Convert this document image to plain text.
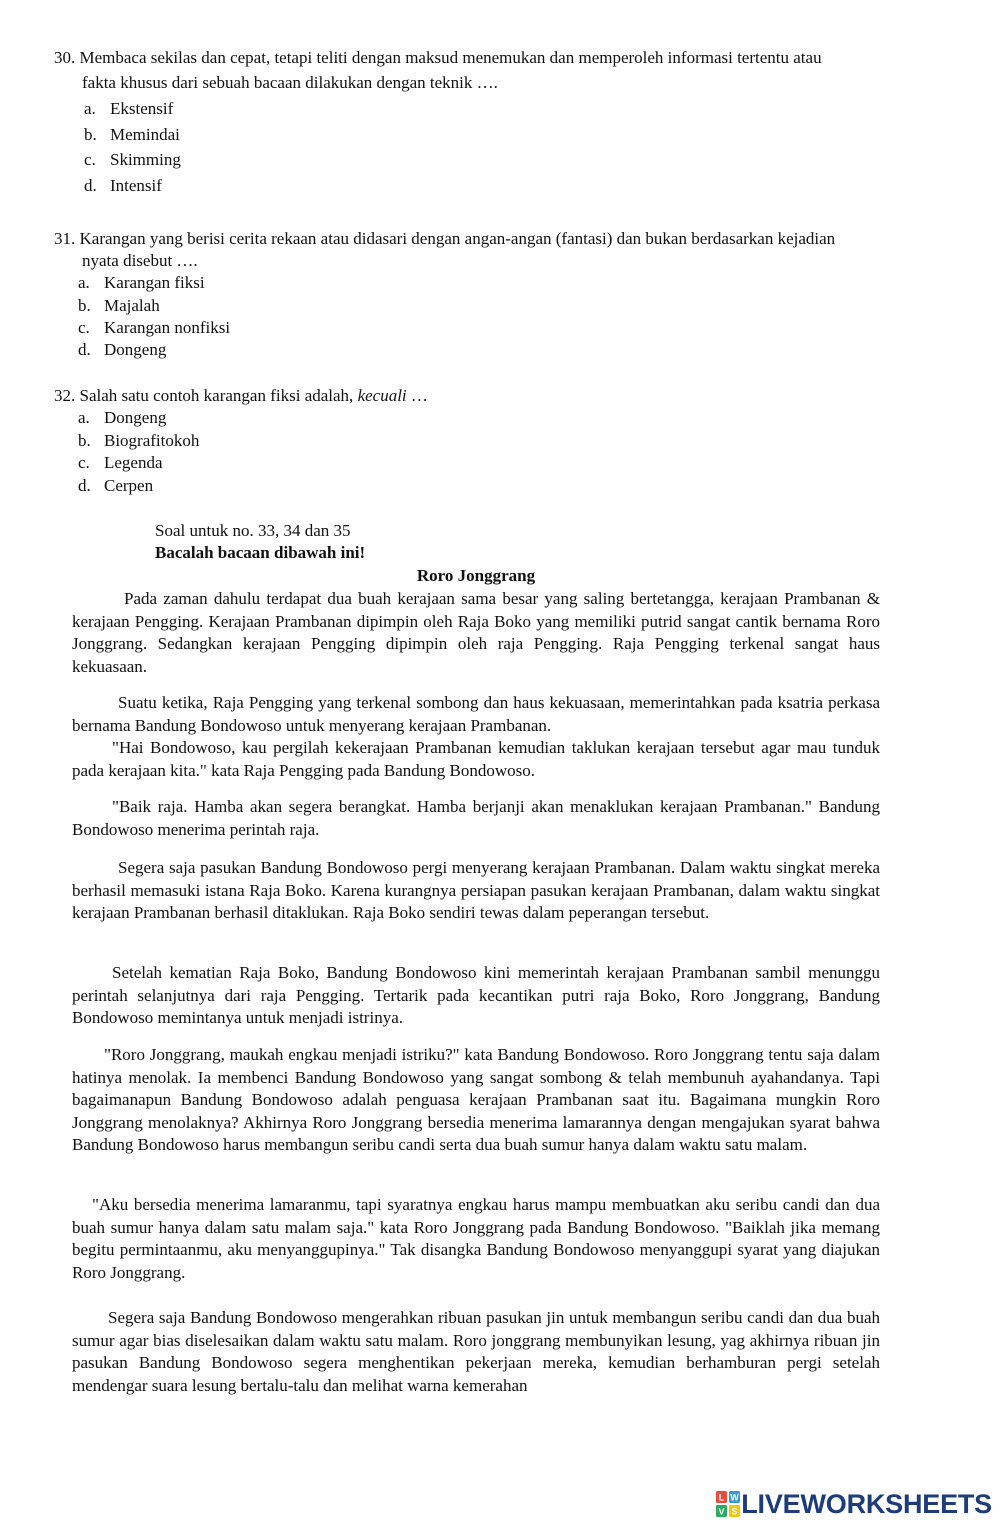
30. Membaca sekilas dan cepat, tetapi teliti dengan maksud menemukan dan memperoleh informasi tertentu atau
fakta khusus dari sebuah bacaan dilakukan dengan teknik ….
a. Ekstensif
b. Memindai
c. Skimming
d. Intensif
31. Karangan yang berisi cerita rekaan atau didasari dengan angan-angan (fantasi) dan bukan berdasarkan kejadian
nyata disebut ….
a. Karangan fiksi
b. Majalah
c. Karangan nonfiksi
d. Dongeng
32. Salah satu contoh karangan fiksi adalah, kecuali …
a. Dongeng
b. Biografitokoh
c. Legenda
d. Cerpen
Soal untuk no. 33, 34 dan 35
Bacalah bacaan dibawah ini!
Roro Jonggrang
Pada zaman dahulu terdapat dua buah kerajaan sama besar yang saling bertetangga, kerajaan Prambanan & kerajaan Pengging. Kerajaan Prambanan dipimpin oleh Raja Boko yang memiliki putrid sangat cantik bernama Roro Jonggrang. Sedangkan kerajaan Pengging dipimpin oleh raja Pengging. Raja Pengging terkenal sangat haus kekuasaan.
Suatu ketika, Raja Pengging yang terkenal sombong dan haus kekuasaan, memerintahkan pada ksatria perkasa bernama Bandung Bondowoso untuk menyerang kerajaan Prambanan.
"Hai Bondowoso, kau pergilah kekerajaan Prambanan kemudian taklukan kerajaan tersebut agar mau tunduk pada kerajaan kita." kata Raja Pengging pada Bandung Bondowoso.
"Baik raja. Hamba akan segera berangkat. Hamba berjanji akan menaklukan kerajaan Prambanan." Bandung Bondowoso menerima perintah raja.
Segera saja pasukan Bandung Bondowoso pergi menyerang kerajaan Prambanan. Dalam waktu singkat mereka berhasil memasuki istana Raja Boko. Karena kurangnya persiapan pasukan kerajaan Prambanan, dalam waktu singkat kerajaan Prambanan berhasil ditaklukan. Raja Boko sendiri tewas dalam peperangan tersebut.
Setelah kematian Raja Boko, Bandung Bondowoso kini memerintah kerajaan Prambanan sambil menunggu perintah selanjutnya dari raja Pengging. Tertarik pada kecantikan putri raja Boko, Roro Jonggrang, Bandung Bondowoso memintanya untuk menjadi istrinya.
"Roro Jonggrang, maukah engkau menjadi istriku?" kata Bandung Bondowoso. Roro Jonggrang tentu saja dalam hatinya menolak. Ia membenci Bandung Bondowoso yang sangat sombong & telah membunuh ayahandanya. Tapi bagaimanapun Bandung Bondowoso adalah penguasa kerajaan Prambanan saat itu. Bagaimana mungkin Roro Jonggrang menolaknya? Akhirnya Roro Jonggrang bersedia menerima lamarannya dengan mengajukan syarat bahwa Bandung Bondowoso harus membangun seribu candi serta dua buah sumur hanya dalam waktu satu malam.
"Aku bersedia menerima lamaranmu, tapi syaratnya engkau harus mampu membuatkan aku seribu candi dan dua buah sumur hanya dalam satu malam saja." kata Roro Jonggrang pada Bandung Bondowoso. "Baiklah jika memang begitu permintaanmu, aku menyanggupinya." Tak disangka Bandung Bondowoso menyanggupi syarat yang diajukan Roro Jonggrang.
Segera saja Bandung Bondowoso mengerahkan ribuan pasukan jin untuk membangun seribu candi dan dua buah sumur agar bias diselesaikan dalam waktu satu malam. Roro jonggrang membunyikan lesung, yag akhirnya ribuan jin pasukan Bandung Bondowoso segera menghentikan pekerjaan mereka, kemudian berhamburan pergi setelah mendengar suara lesung bertalu-talu dan melihat warna kemerahan
L W
V S LIVEWORKSHEETS
